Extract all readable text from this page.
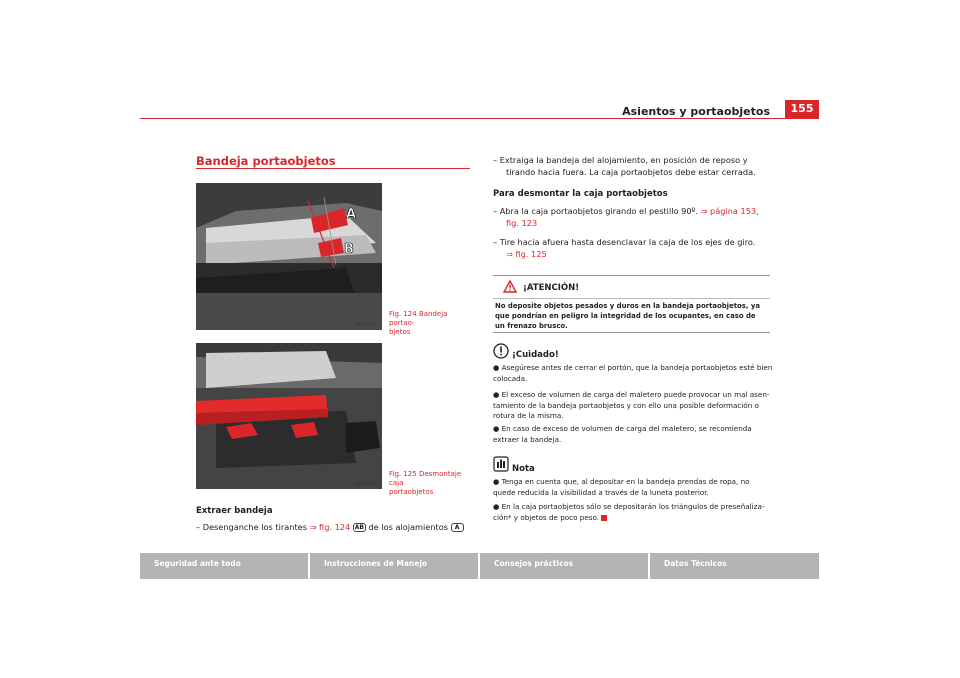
Asientos y portaobjetos	155
Bandeja portaobjetos
A
B
B5P-0206
Fig. 124 Bandeja portao-
bjetos
B5P-0205
Fig. 125 Desmontaje caja
portaobjetos
Extraer bandeja
– Desenganche los tirantes ⇒ fig. 124 AB de los alojamientos A
– Extraiga la bandeja del alojamiento, en posición de reposo y
tirando hacia fuera. La caja portaobjetos debe estar cerrada.
Para desmontar la caja portaobjetos
– Abra la caja portaobjetos girando el pestillo 90º. ⇒ página 153,
fig. 123
– Tire hacia afuera hasta desenclavar la caja de los ejes de giro.
⇒ fig. 125
¡ATENCIÓN!
No deposite objetos pesados y duros en la bandeja portaobjetos, ya que pondrían en peligro la integridad de los ocupantes, en caso de un frenazo brusco.
¡Cuidado!
● Asegúrese antes de cerrar el portón, que la bandeja portaobjetos esté bien colocada.
● El exceso de volumen de carga del maletero puede provocar un mal asen-tamiento de la bandeja portaobjetos y con ello una posible deformación o rotura de la misma.
● En caso de exceso de volumen de carga del maletero, se recomienda extraer la bandeja.
Nota
● Tenga en cuenta que, al depositar en la bandeja prendas de ropa, no quede reducida la visibilidad a través de la luneta posterior.
● En la caja portaobjetos sólo se depositarán los triángulos de preseñaliza-ción* y objetos de poco peso.
Seguridad ante todo	Instrucciones de Manejo	Consejos prácticos	Datos Técnicos
